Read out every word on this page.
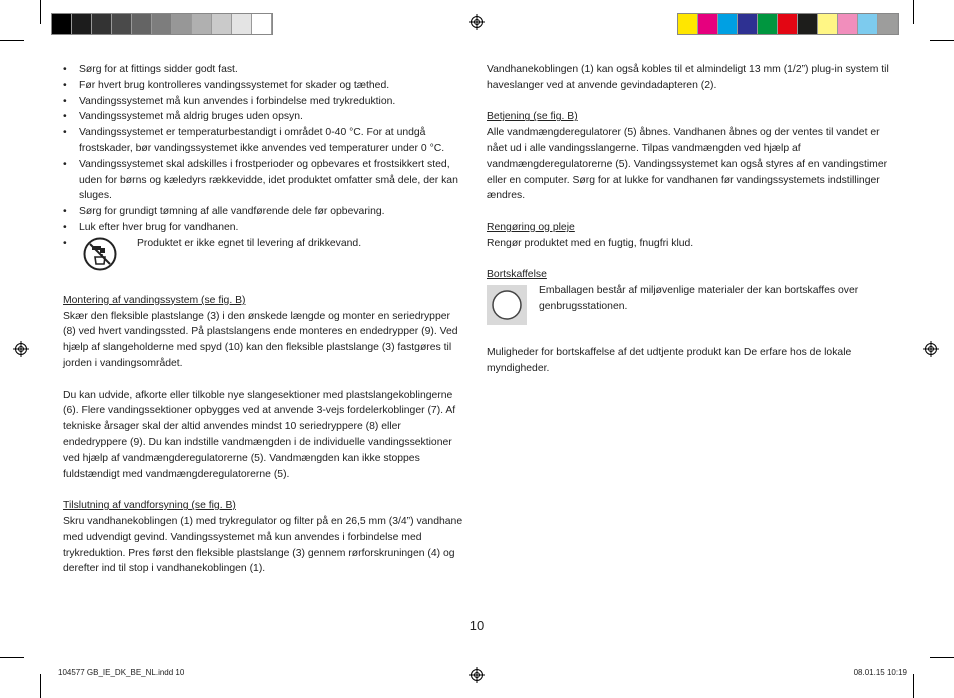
• Sørg for at fittings sidder godt fast.
• Før hvert brug kontrolleres vandingssystemet for skader og tæthed.
• Vandingssystemet må kun anvendes i forbindelse med trykreduktion.
• Vandingssystemet må aldrig bruges uden opsyn.
• Vandingssystemet er temperaturbestandigt i området 0-40 °C. For at undgå frostskader, bør vandingssystemet ikke anvendes ved temperaturer under 0 °C.
• Vandingssystemet skal adskilles i frostperioder og opbevares et frostsikkert sted, uden for børns og kæledyrs rækkevidde, idet produktet omfatter små dele, der kan sluges.
• Sørg for grundigt tømning af alle vandførende dele før opbevaring.
• Luk efter hver brug for vandhanen.
• Produktet er ikke egnet til levering af drikkevand.
Montering af vandingssystem (se fig. B)

Skær den fleksible plastslange (3) i den ønskede længde og monter en seriedrypper (8) ved hvert vandingssted. På plastslangens ende monteres en endedrypper (9). Ved hjælp af slangeholderne med spyd (10) kan den fleksible plastslange (3) fastgøres til jorden i vandingsområdet.

Du kan udvide, afkorte eller tilkoble nye slangesektioner med plastslangekoblingerne (6). Flere vandingssektioner opbygges ved at anvende 3-vejs fordelerkoblinger (7). Af tekniske årsager skal der altid anvendes mindst 10 seriedryppere (8) eller endedryppere (9). Du kan indstille vandmængden i de individuelle vandingssektioner ved hjælp af vandmængderegulatorerne (5). Vandmængden kan ikke stoppes fuldstændigt med vandmængderegulatorerne (5).

Tilslutning af vandforsyning (se fig. B)

Skru vandhanekoblingen (1) med trykregulator og filter på en 26,5 mm (3/4”) vandhane med udvendigt gevind. Vandingssystemet må kun anvendes i forbindelse med trykreduktion. Pres først den fleksible plastslange (3) gennem rørforskruningen (4) og derefter ind til stop i vandhanekoblingen (1).

Vandhanekoblingen (1) kan også kobles til et almindeligt 13 mm (1/2”) plug-in system til haveslanger ved at anvende gevindadapteren (2).

Betjening (se fig. B)

Alle vandmængderegulatorer (5) åbnes. Vandhanen åbnes og der ventes til vandet er nået ud i alle vandingsslangerne. Tilpas vandmængden ved hjælp af vandmængderegulatorerne (5). Vandingssystemet kan også styres af en vandingstimer eller en computer. Sørg for at lukke for vandhanen før vandingssystemets indstillinger ændres.

Rengøring og pleje

Rengør produktet med en fugtig, fnugfri klud.

Bortskaffelse

Emballagen består af miljøvenlige materialer der kan bortskaffes over genbrugsstationen.

Muligheder for bortskaffelse af det udtjente produkt kan De erfare hos de lokale myndigheder.

10
104577 GB_IE_DK_BE_NL.indd 10	08.01.15 10:19
